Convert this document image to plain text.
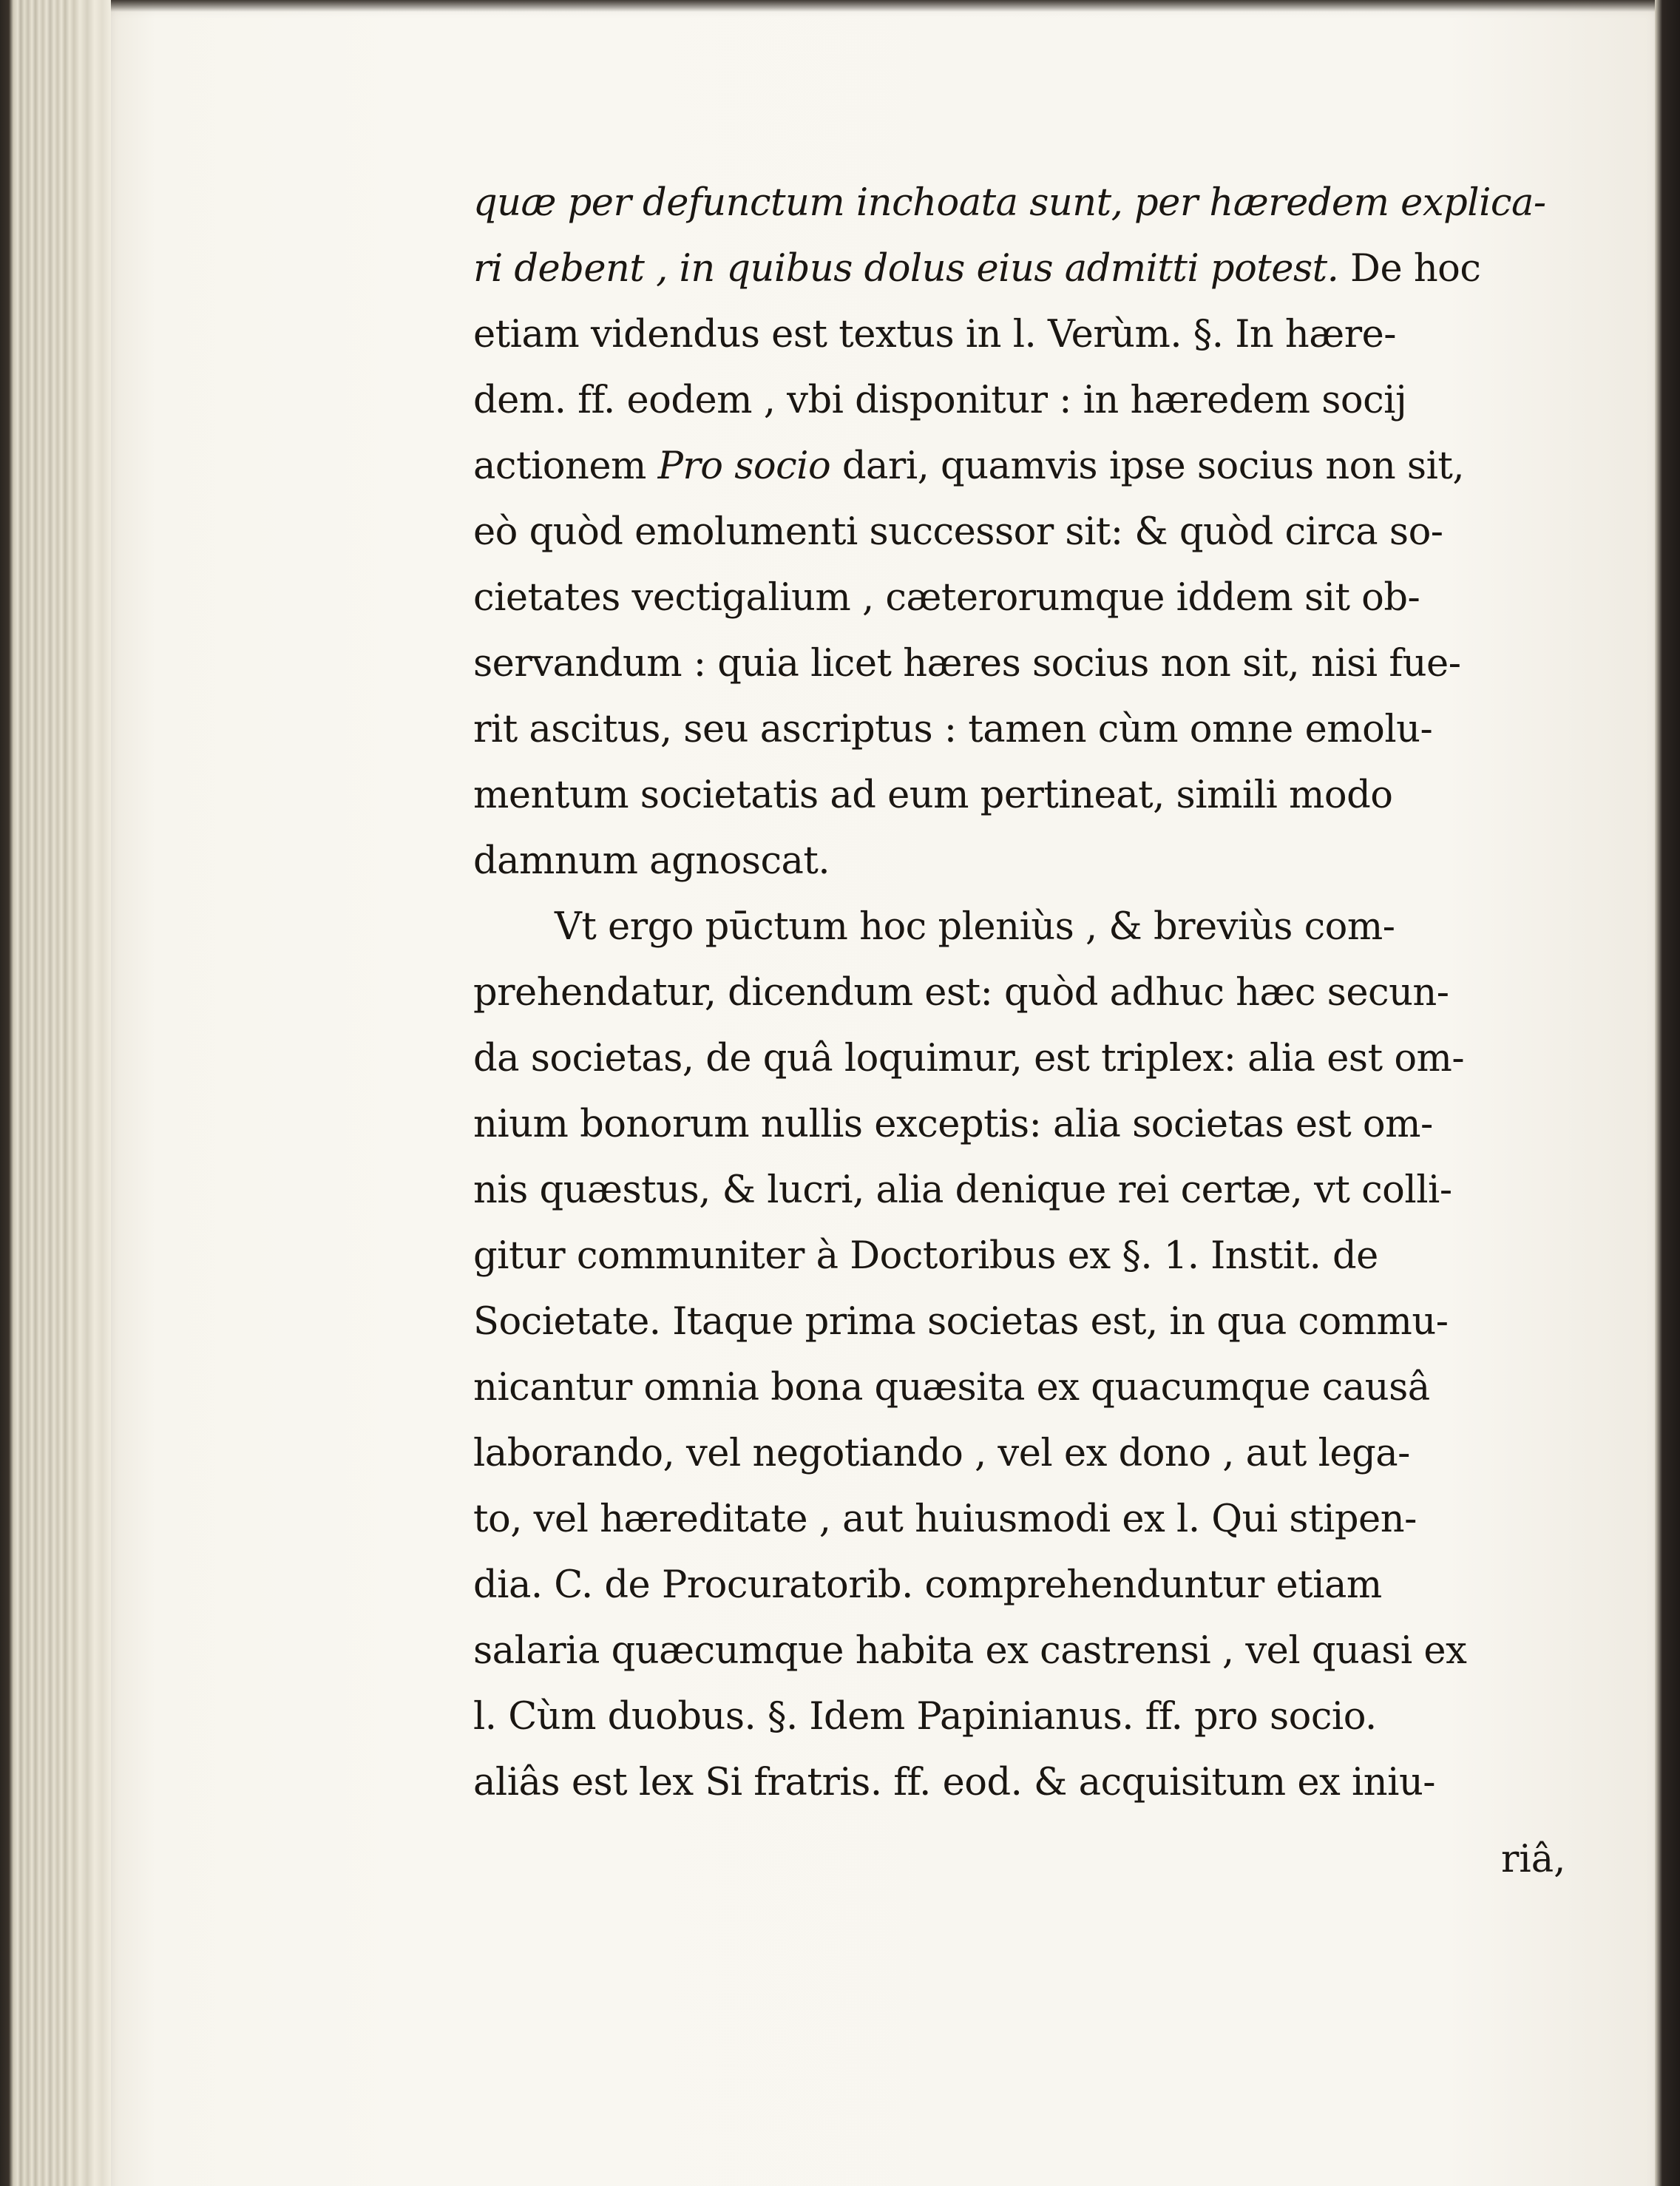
quæ per defunctum inchoata sunt, per hæredem explica-
ri debent , in quibus dolus eius admitti potest. De hoc
etiam videndus est textus in l. Verùm. §. In hære-
dem. ff. eodem , vbi disponitur : in hæredem socij
actionem Pro socio dari, quamvis ipse socius non sit,
eò quòd emolumenti successor sit: & quòd circa so-
cietates vectigalium , cæterorumque iddem sit ob-
servandum : quia licet hæres socius non sit, nisi fue-
rit ascitus, seu ascriptus : tamen cùm omne emolu-
mentum societatis ad eum pertineat, simili modo
damnum agnoscat.
Vt ergo pūctum hoc pleniùs , & breviùs com-
prehendatur, dicendum est: quòd adhuc hæc secun-
da societas, de quâ loquimur, est triplex: alia est om-
nium bonorum nullis exceptis: alia societas est om-
nis quæstus, & lucri, alia denique rei certæ, vt colli-
gitur communiter à Doctoribus ex §. 1. Instit. de
Societate. Itaque prima societas est, in qua commu-
nicantur omnia bona quæsita ex quacumque causâ
laborando, vel negotiando , vel ex dono , aut lega-
to, vel hæreditate , aut huiusmodi ex l. Qui stipen-
dia. C. de Procuratorib. comprehenduntur etiam
salaria quæcumque habita ex castrensi , vel quasi ex
l. Cùm duobus. §. Idem Papinianus. ff. pro socio.
aliâs est lex Si fratris. ff. eod. & acquisitum ex iniu-
riâ,
